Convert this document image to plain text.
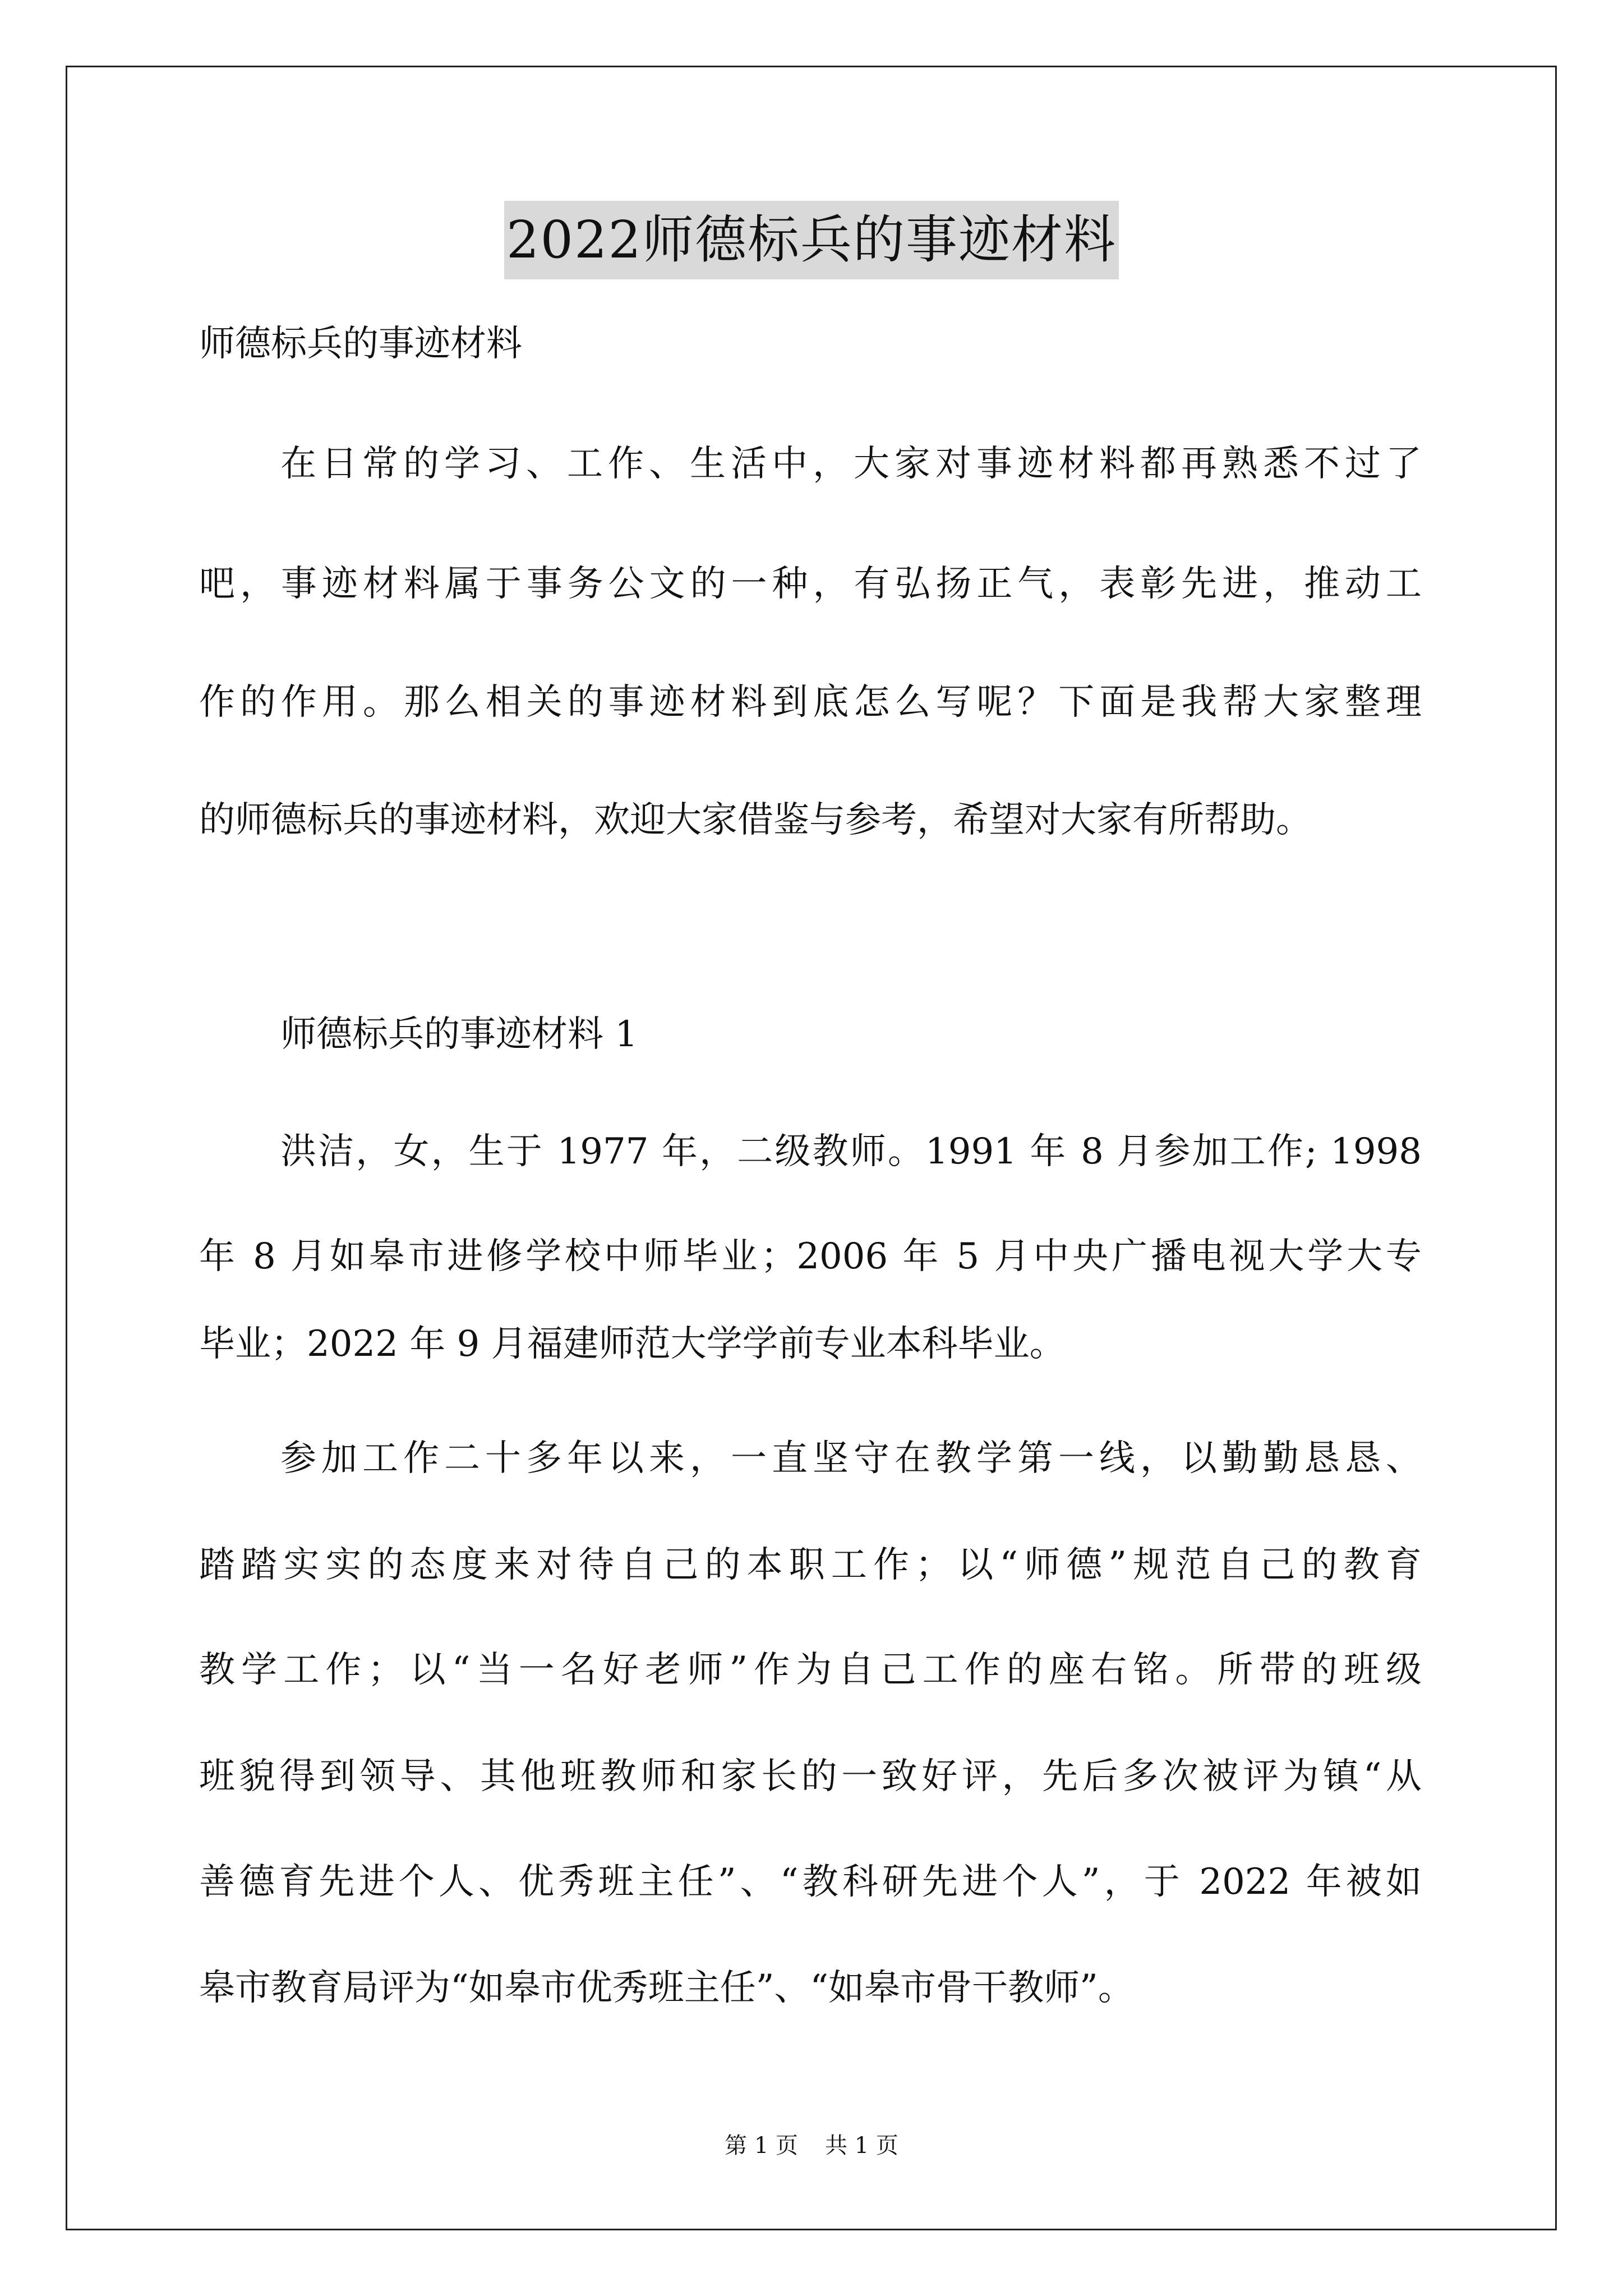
2022师德标兵的事迹材料
师德标兵的事迹材料
在日常的学习、工作、生活中，大家对事迹材料都再熟悉不过了
吧，事迹材料属于事务公文的一种，有弘扬正气，表彰先进，推动工
作的作用。那么相关的事迹材料到底怎么写呢？下面是我帮大家整理
的师德标兵的事迹材料，欢迎大家借鉴与参考，希望对大家有所帮助。
师德标兵的事迹材料 1
洪洁，女，生于 1977 年，二级教师。1991 年 8 月参加工作; 1998
年 8 月如皋市进修学校中师毕业；2006 年 5 月中央广播电视大学大专
毕业；2022 年 9 月福建师范大学学前专业本科毕业。
参加工作二十多年以来，一直坚守在教学第一线，以勤勤恳恳、
踏踏实实的态度来对待自己的本职工作；以“师德”规范自己的教育
教学工作；以“当一名好老师”作为自己工作的座右铭。所带的班级
班貌得到领导、其他班教师和家长的一致好评，先后多次被评为镇“从
善德育先进个人、优秀班主任”、“教科研先进个人”，于 2022 年被如
皋市教育局评为“如皋市优秀班主任”、“如皋市骨干教师”。
第 1 页 共 1 页
